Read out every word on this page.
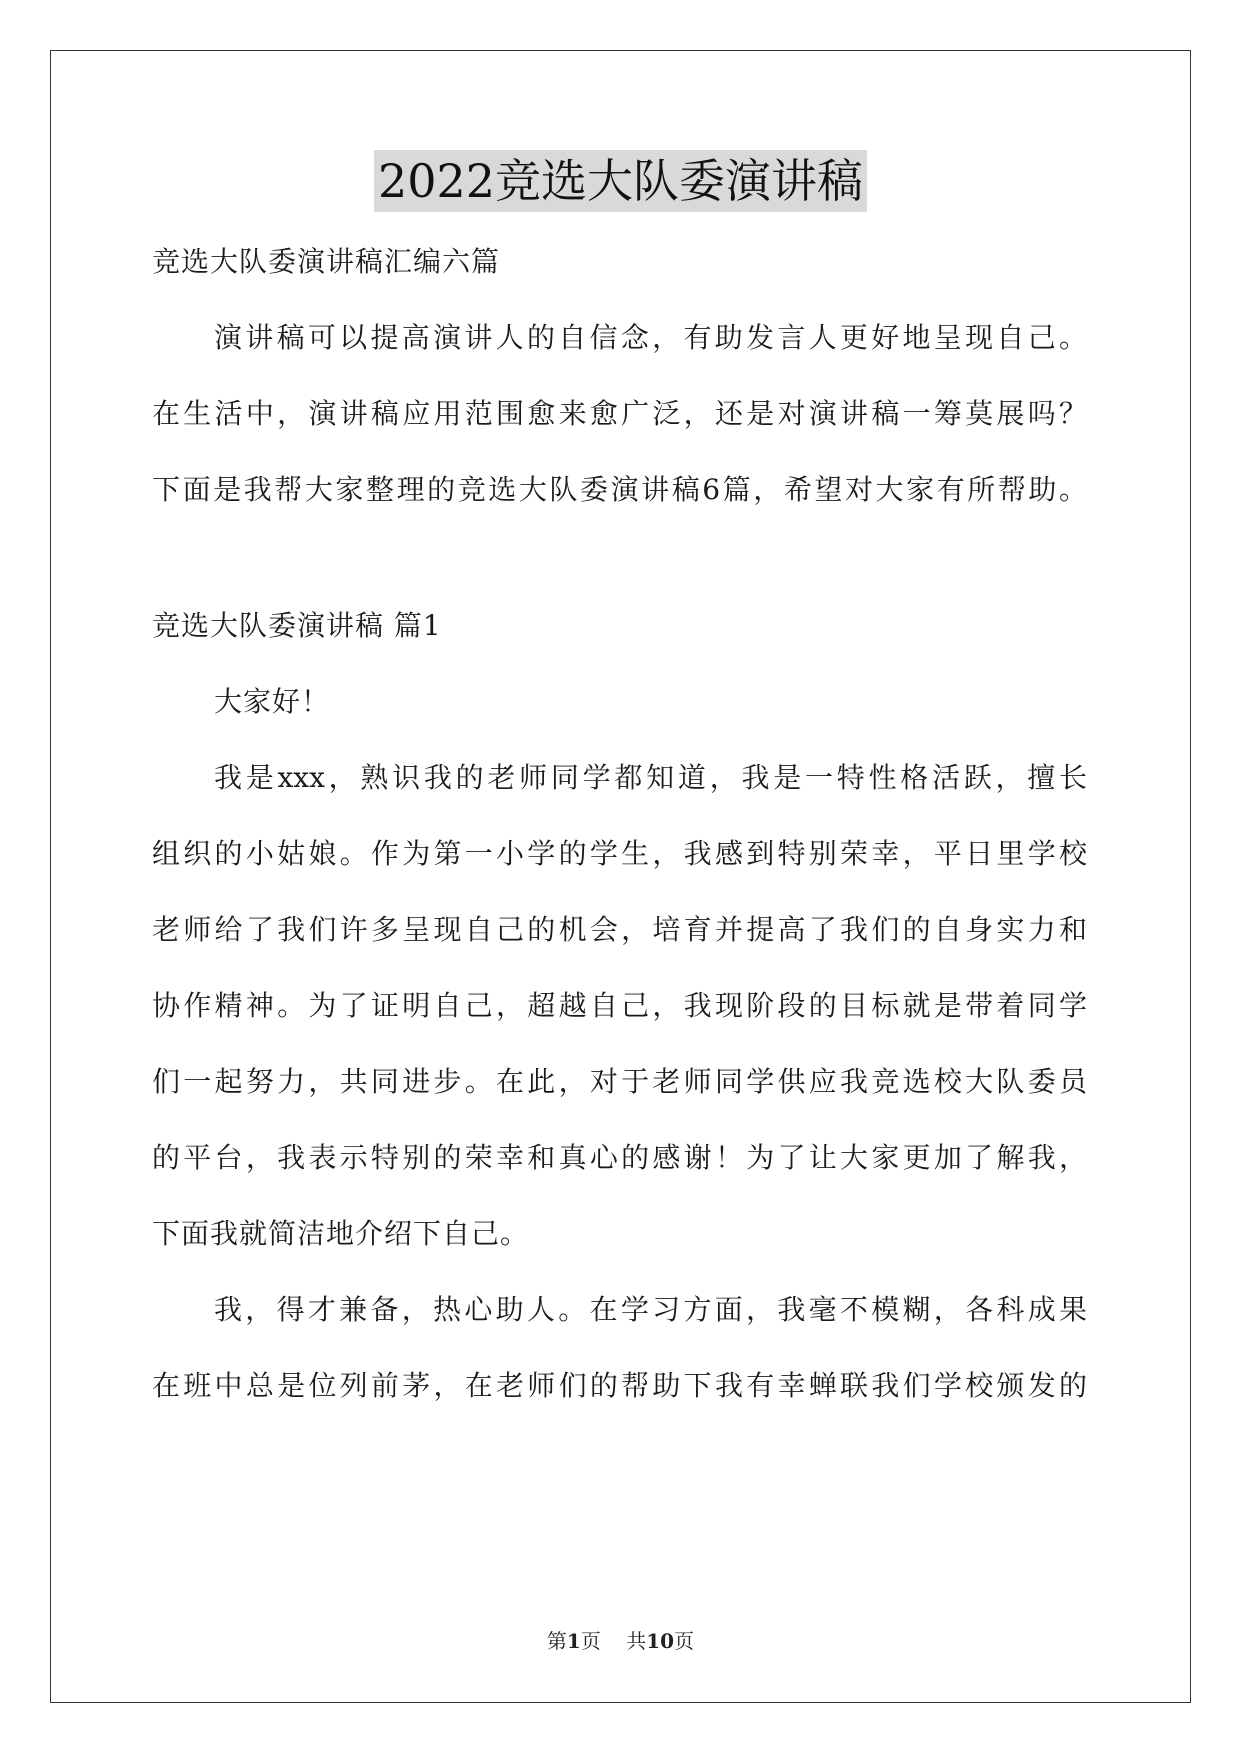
2022竞选大队委演讲稿
竞选大队委演讲稿汇编六篇
演讲稿可以提高演讲人的自信念，有助发言人更好地呈现自己。
在生活中，演讲稿应用范围愈来愈广泛，还是对演讲稿一筹莫展吗？
下面是我帮大家整理的竞选大队委演讲稿6篇，希望对大家有所帮助。
竞选大队委演讲稿 篇1
大家好！
我是xxx，熟识我的老师同学都知道，我是一特性格活跃，擅长
组织的小姑娘。作为第一小学的学生，我感到特别荣幸，平日里学校
老师给了我们许多呈现自己的机会，培育并提高了我们的自身实力和
协作精神。为了证明自己，超越自己，我现阶段的目标就是带着同学
们一起努力，共同进步。在此，对于老师同学供应我竞选校大队委员
的平台，我表示特别的荣幸和真心的感谢！为了让大家更加了解我，
下面我就简洁地介绍下自己。
我，得才兼备，热心助人。在学习方面，我毫不模糊，各科成果
在班中总是位列前茅，在老师们的帮助下我有幸蝉联我们学校颁发的
第1页 共10页
